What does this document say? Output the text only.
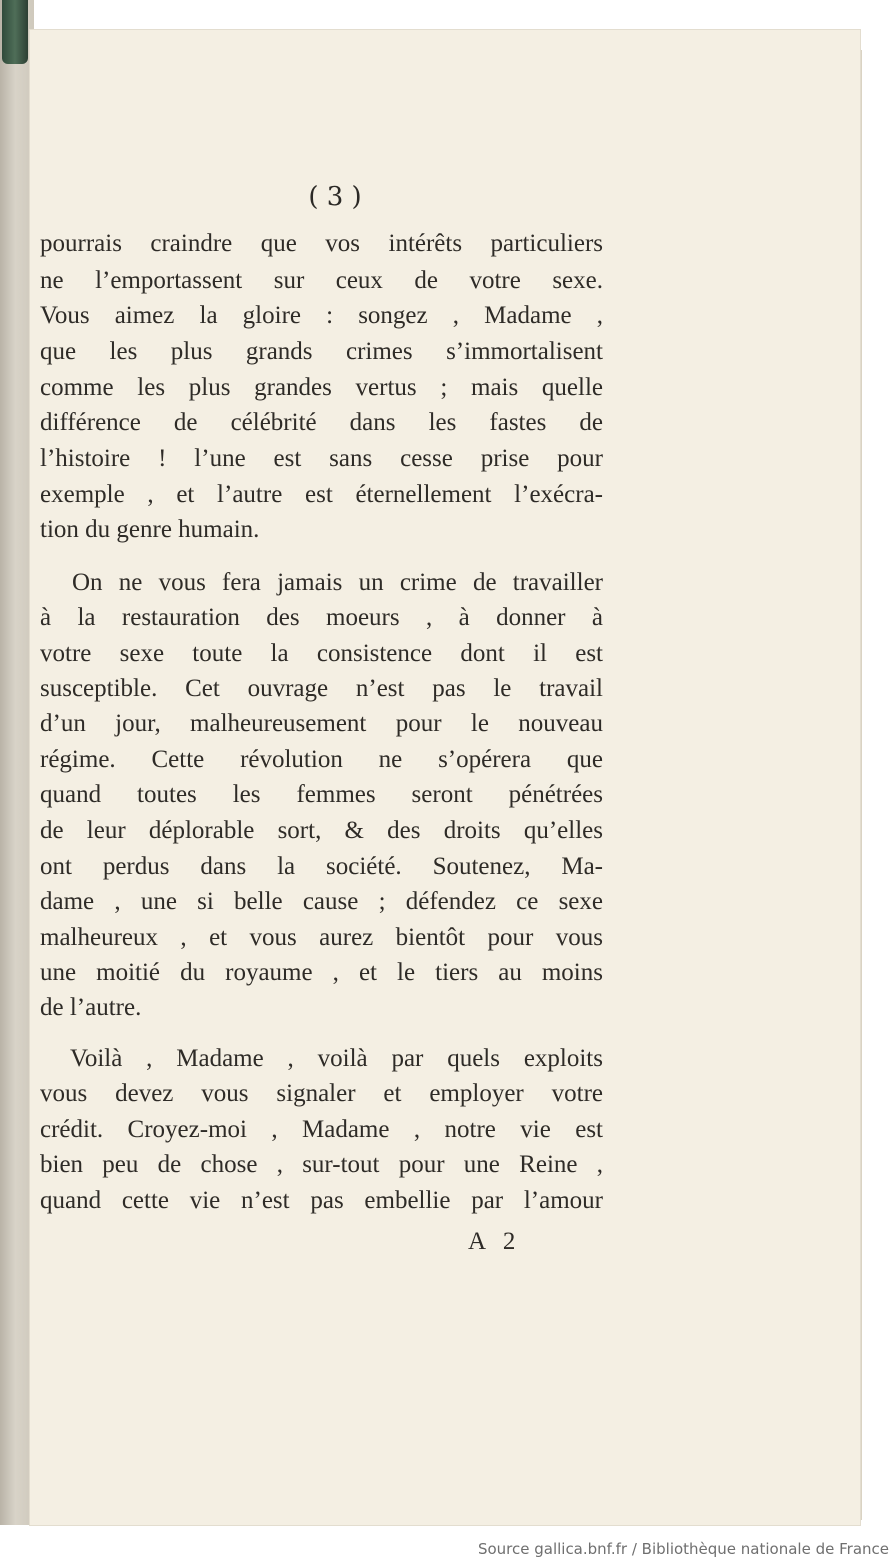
( 3 )
pourrais craindre que vos intérêts particuliers
ne l’emportassent sur ceux de votre sexe.
Vous aimez la gloire : songez , Madame ,
que les plus grands crimes s’immortalisent
comme les plus grandes vertus ; mais quelle
différence de célébrité dans les fastes de
l’histoire ! l’une est sans cesse prise pour
exemple , et l’autre est éternellement l’exécra-
tion du genre humain.
On ne vous fera jamais un crime de travailler
à la restauration des moeurs , à donner à
votre sexe toute la consistence dont il est
susceptible. Cet ouvrage n’est pas le travail
d’un jour, malheureusement pour le nouveau
régime. Cette révolution ne s’opérera que
quand toutes les femmes seront pénétrées
de leur déplorable sort, & des droits qu’elles
ont perdus dans la société. Soutenez, Ma-
dame , une si belle cause ; défendez ce sexe
malheureux , et vous aurez bientôt pour vous
une moitié du royaume , et le tiers au moins
de l’autre.
Voilà , Madame , voilà par quels exploits
vous devez vous signaler et employer votre
crédit. Croyez-moi , Madame , notre vie est
bien peu de chose , sur-tout pour une Reine ,
quand cette vie n’est pas embellie par l’amour
A 2
Source gallica.bnf.fr / Bibliothèque nationale de France
